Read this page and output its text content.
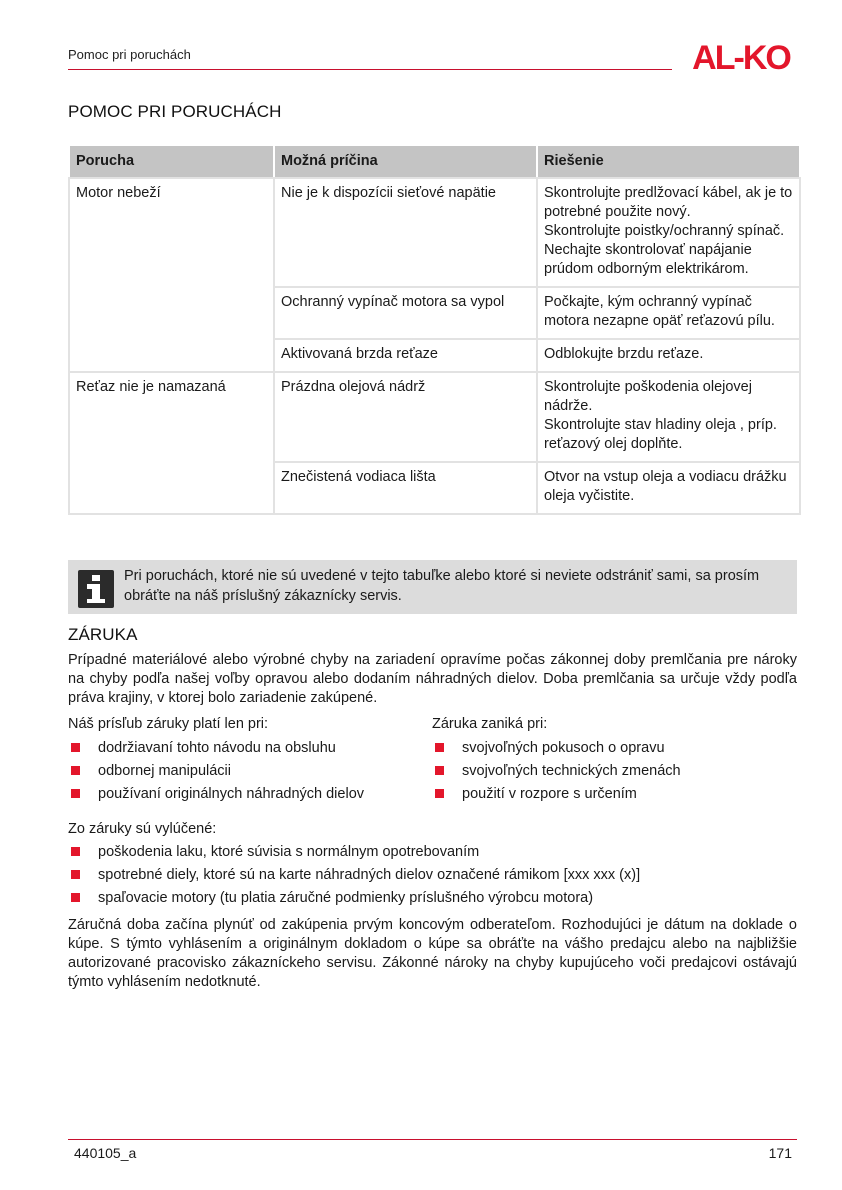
Pomoc pri poruchách	AL-KO
POMOC PRI PORUCHÁCH
Porucha	Možná príčina	Riešenie
Motor nebeží	Nie je k dispozícii sieťové napätie	Skontrolujte predlžovací kábel, ak je to potrebné použite nový.
Skontrolujte poistky/ochranný spínač.
Nechajte skontrolovať napájanie prúdom odborným elektrikárom.

	Ochranný vypínač motora sa vypol	Počkajte, kým ochranný vypínač motora nezapne opäť reťazovú pílu.

	Aktivovaná brzda reťaze	Odblokujte brzdu reťaze.

Reťaz nie je namazaná	Prázdna olejová nádrž	Skontrolujte poškodenia olejovej nádrže.
Skontrolujte stav hladiny oleja , príp. reťazový olej doplňte.

	Znečistená vodiaca lišta	Otvor na vstup oleja a vodiacu drážku oleja vyčistite.
Pri poruchách, ktoré nie sú uvedené v tejto tabuľke alebo ktoré si neviete odstrániť sami, sa prosím obráťte na náš príslušný zákaznícky servis.
ZÁRUKA
Prípadné materiálové alebo výrobné chyby na zariadení opravíme počas zákonnej doby premlčania pre nároky na chyby podľa našej voľby opravou alebo dodaním náhradných dielov. Doba premlčania sa určuje vždy podľa práva krajiny, v ktorej bolo zariadenie zakúpené.
Náš prísľub záruky platí len pri:
dodržiavaní tohto návodu na obsluhu
odbornej manipulácii
používaní originálnych náhradných dielov
Záruka zaniká pri:
svojvoľných pokusoch o opravu
svojvoľných technických zmenách
použití v rozpore s určením
Zo záruky sú vylúčené:
poškodenia laku, ktoré súvisia s normálnym opotrebovaním
spotrebné diely, ktoré sú na karte náhradných dielov označené rámikom [xxx xxx (x)]
spaľovacie motory (tu platia záručné podmienky príslušného výrobcu motora)
Záručná doba začína plynúť od zakúpenia prvým koncovým odberateľom. Rozhodujúci je dátum na doklade o kúpe. S týmto vyhlásením a originálnym dokladom o kúpe sa obráťte na vášho predajcu alebo na najbližšie autorizované pracovisko zákazníckeho servisu. Zákonné nároky na chyby kupujúceho voči predajcovi ostávajú týmto vyhlásením nedotknuté.
440105_a	171
